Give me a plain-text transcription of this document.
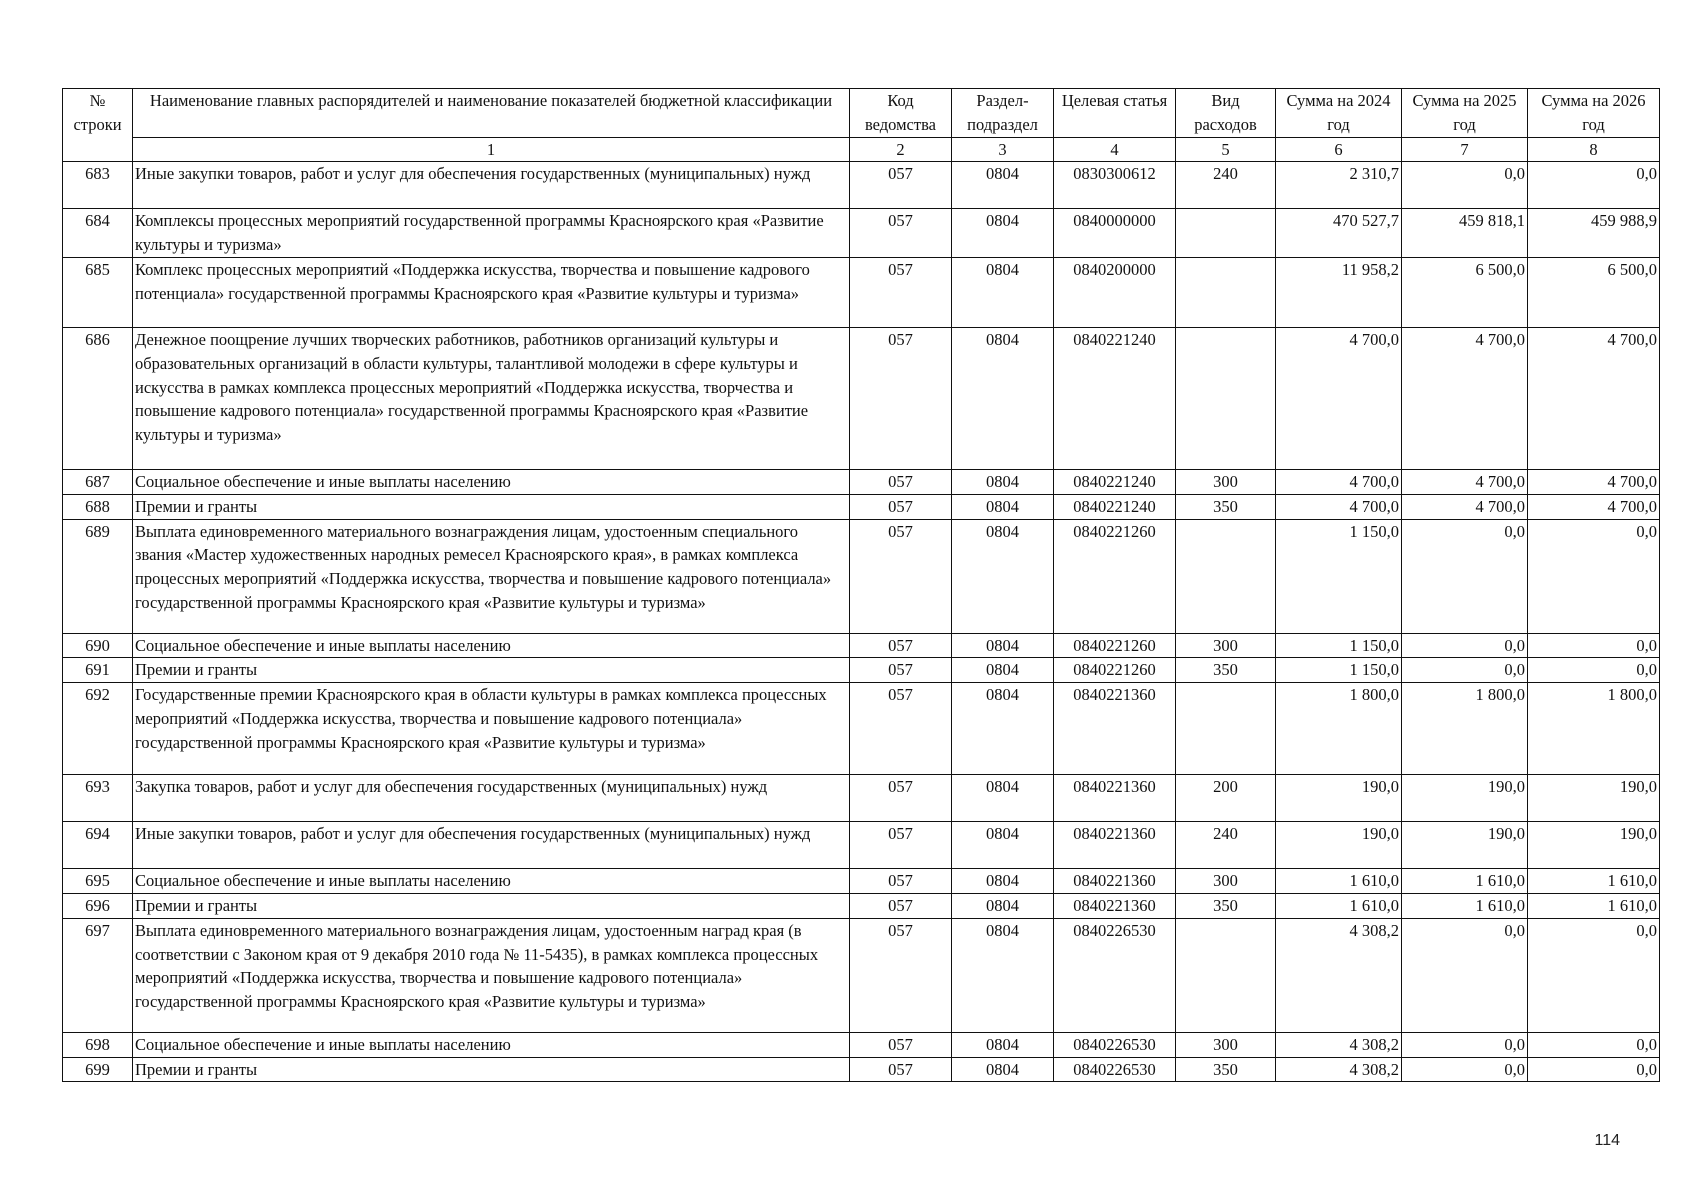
№ строки	Наименование главных распорядителей и наименование показателей бюджетной классификации	Код ведомства	Раздел-подраздел	Целевая статья	Вид расходов	Сумма на 2024 год	Сумма на 2025 год	Сумма на 2026 год
	1	2	3	4	5	6	7	8
683	Иные закупки товаров, работ и услуг для обеспечения государственных (муниципальных) нужд	057	0804	0830300612	240	2 310,7	0,0	0,0
684	Комплексы процессных мероприятий государственной программы Красноярского края «Развитие культуры и туризма»	057	0804	0840000000		470 527,7	459 818,1	459 988,9
685	Комплекс процессных мероприятий «Поддержка искусства, творчества и повышение кадрового потенциала» государственной программы Красноярского края «Развитие культуры и туризма»	057	0804	0840200000		11 958,2	6 500,0	6 500,0
686	Денежное поощрение лучших творческих работников, работников организаций культуры и образовательных организаций в области культуры, талантливой молодежи в сфере культуры и искусства в рамках комплекса процессных мероприятий «Поддержка искусства, творчества и повышение кадрового потенциала» государственной программы Красноярского края «Развитие культуры и туризма»	057	0804	0840221240		4 700,0	4 700,0	4 700,0
687	Социальное обеспечение и иные выплаты населению	057	0804	0840221240	300	4 700,0	4 700,0	4 700,0
688	Премии и гранты	057	0804	0840221240	350	4 700,0	4 700,0	4 700,0
689	Выплата единовременного материального вознаграждения лицам, удостоенным специального звания «Мастер художественных народных ремесел Красноярского края», в рамках комплекса процессных мероприятий «Поддержка искусства, творчества и повышение кадрового потенциала» государственной программы Красноярского края «Развитие культуры и туризма»	057	0804	0840221260		1 150,0	0,0	0,0
690	Социальное обеспечение и иные выплаты населению	057	0804	0840221260	300	1 150,0	0,0	0,0
691	Премии и гранты	057	0804	0840221260	350	1 150,0	0,0	0,0
692	Государственные премии Красноярского края в области культуры в рамках комплекса процессных мероприятий «Поддержка искусства, творчества и повышение кадрового потенциала» государственной программы Красноярского края «Развитие культуры и туризма»	057	0804	0840221360		1 800,0	1 800,0	1 800,0
693	Закупка товаров, работ и услуг для обеспечения государственных (муниципальных) нужд	057	0804	0840221360	200	190,0	190,0	190,0
694	Иные закупки товаров, работ и услуг для обеспечения государственных (муниципальных) нужд	057	0804	0840221360	240	190,0	190,0	190,0
695	Социальное обеспечение и иные выплаты населению	057	0804	0840221360	300	1 610,0	1 610,0	1 610,0
696	Премии и гранты	057	0804	0840221360	350	1 610,0	1 610,0	1 610,0
697	Выплата единовременного материального вознаграждения лицам, удостоенным наград края (в соответствии с Законом края от 9 декабря 2010 года № 11-5435), в рамках комплекса процессных мероприятий «Поддержка искусства, творчества и повышение кадрового потенциала» государственной программы Красноярского края «Развитие культуры и туризма»	057	0804	0840226530		4 308,2	0,0	0,0
698	Социальное обеспечение и иные выплаты населению	057	0804	0840226530	300	4 308,2	0,0	0,0
699	Премии и гранты	057	0804	0840226530	350	4 308,2	0,0	0,0
114
